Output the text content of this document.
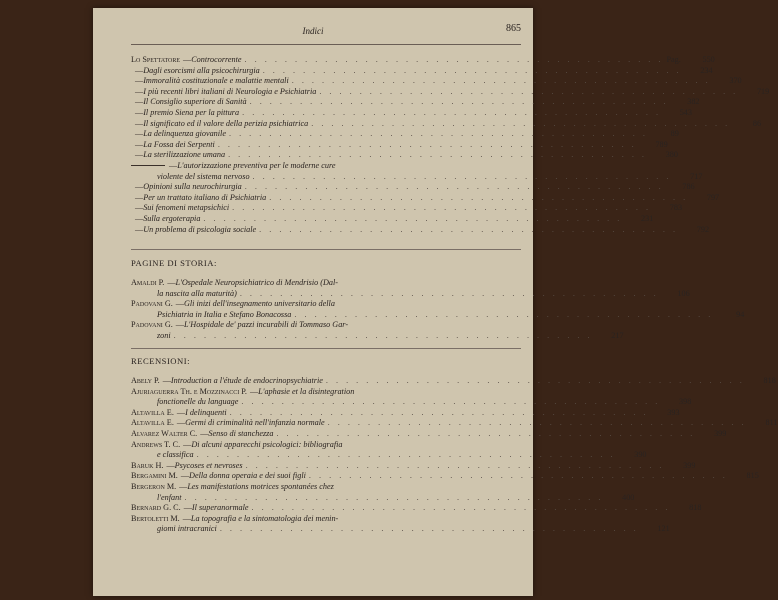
Indici	865
Lo Spettatore — Controcorrente . . . . . . . . . . . . . . . . . . . . . . . . . . . . . . . . . . . . . . . . . . Pag.	550
— Dagli esorcismi alla psicochirurgia . . . . . . . . . . . . . . . . . . . . . . . . . . . . . . . . . . . . . . . . . .	234
— Immoralità costituzionale e malattie mentali . . . . . . . . . . . . . . . . . . . . . . . . . . . . . . . . . . . . . . . . . .	370
— I più recenti libri italiani di Neurologia e Psichiatria . . . . . . . . . . . . . . . . . . . . . . . . . . . . . . . . . . . . . . . . . .	719
— Il Consiglio superiore di Sanità . . . . . . . . . . . . . . . . . . . . . . . . . . . . . . . . . . . . . . . . . .	382
— Il premio Siena per la pittura . . . . . . . . . . . . . . . . . . . . . . . . . . . . . . . . . . . . . . . . . .	543
— Il significato ed il valore della perizia psichiatrica . . . . . . . . . . . . . . . . . . . . . . . . . . . . . . . . . . . . . . . . . .	86
— La delinquenza giovanile . . . . . . . . . . . . . . . . . . . . . . . . . . . . . . . . . . . . . . . . . .	89
— La Fossa dei Serpenti . . . . . . . . . . . . . . . . . . . . . . . . . . . . . . . . . . . . . . . . . .	789
— La sterilizzazione umana . . . . . . . . . . . . . . . . . . . . . . . . . . . . . . . . . . . . . . . . . .	380
— L'autorizzazione preventiva per le moderne cure
violente del sistema nervoso . . . . . . . . . . . . . . . . . . . . . . . . . . . . . . . . . . . . . . . . . .	717
— Opinioni sulla neurochirurgia . . . . . . . . . . . . . . . . . . . . . . . . . . . . . . . . . . . . . . . . . .	786
— Per un trattato italiano di Psichiatria . . . . . . . . . . . . . . . . . . . . . . . . . . . . . . . . . . . . . . . . . .	797
— Sui fenomeni metapsichici . . . . . . . . . . . . . . . . . . . . . . . . . . . . . . . . . . . . . . . . . .	783
— Sulla ergoterapia . . . . . . . . . . . . . . . . . . . . . . . . . . . . . . . . . . . . . . . . . .	231
— Un problema di psicologia sociale . . . . . . . . . . . . . . . . . . . . . . . . . . . . . . . . . . . . . . . . . .	792
PAGINE DI STORIA:
Amaldi P. — L'Ospedale Neuropsichiatrico di Mendrisio (Dal-
la nascita alla maturità) . . . . . . . . . . . . . . . . . . . . . . . . . . . . . . . . . . . . . . . . . .	106
Padovani G. — Gli inizi dell'insegnamento universitario della
Psichiatria in Italia e Stefano Bonacossa . . . . . . . . . . . . . . . . . . . . . . . . . . . . . . . . . . . . . . . . . .	94
Padovani G. — L'Hospidale de' pazzi incurabili di Tommaso Gar-
zoni . . . . . . . . . . . . . . . . . . . . . . . . . . . . . . . . . . . . . . . . . .	217
RECENSIONI:
Abely P. — Introduction a l'étude de endocrinopsychiatrie . . . . . . . . . . . . . . . . . . . . . . . . . . . . . . . . . . . . . . . . . .	818
Ajuriaguerra Th. e Mozzinacci P. — L'aphasie et la disintegration
fonctionelle du language . . . . . . . . . . . . . . . . . . . . . . . . . . . . . . . . . . . . . . . . . .	398
Altavilla E. — I delinquenti . . . . . . . . . . . . . . . . . . . . . . . . . . . . . . . . . . . . . . . . . .	393
Altavilla E. — Germi di criminalità nell'infanzia normale . . . . . . . . . . . . . . . . . . . . . . . . . . . . . . . . . . . . . . . . . .	811
Alvarez Walter C. — Senso di stanchezza . . . . . . . . . . . . . . . . . . . . . . . . . . . . . . . . . . . . . . . . . .	399
Andrews T. C. — Di alcuni apparecchi psicologici: bibliografia
e classifica . . . . . . . . . . . . . . . . . . . . . . . . . . . . . . . . . . . . . . . . . .	390
Baruk H. — Psycoses et nevroses . . . . . . . . . . . . . . . . . . . . . . . . . . . . . . . . . . . . . . . . . .	399
Bergamini M. — Della donna operaia e dei suoi figli . . . . . . . . . . . . . . . . . . . . . . . . . . . . . . . . . . . . . . . . . .	815
Bergeron M. — Les manifestations motrices spontanées chez
l'enfant . . . . . . . . . . . . . . . . . . . . . . . . . . . . . . . . . . . . . . . . . .	400
Bernard G. C. — Il superanormale . . . . . . . . . . . . . . . . . . . . . . . . . . . . . . . . . . . . . . . . . .	818
Bertoletti M. — La topografia e la sintomatologia dei menin-
giomi intracranici . . . . . . . . . . . . . . . . . . . . . . . . . . . . . . . . . . . . . . . . . .	121
